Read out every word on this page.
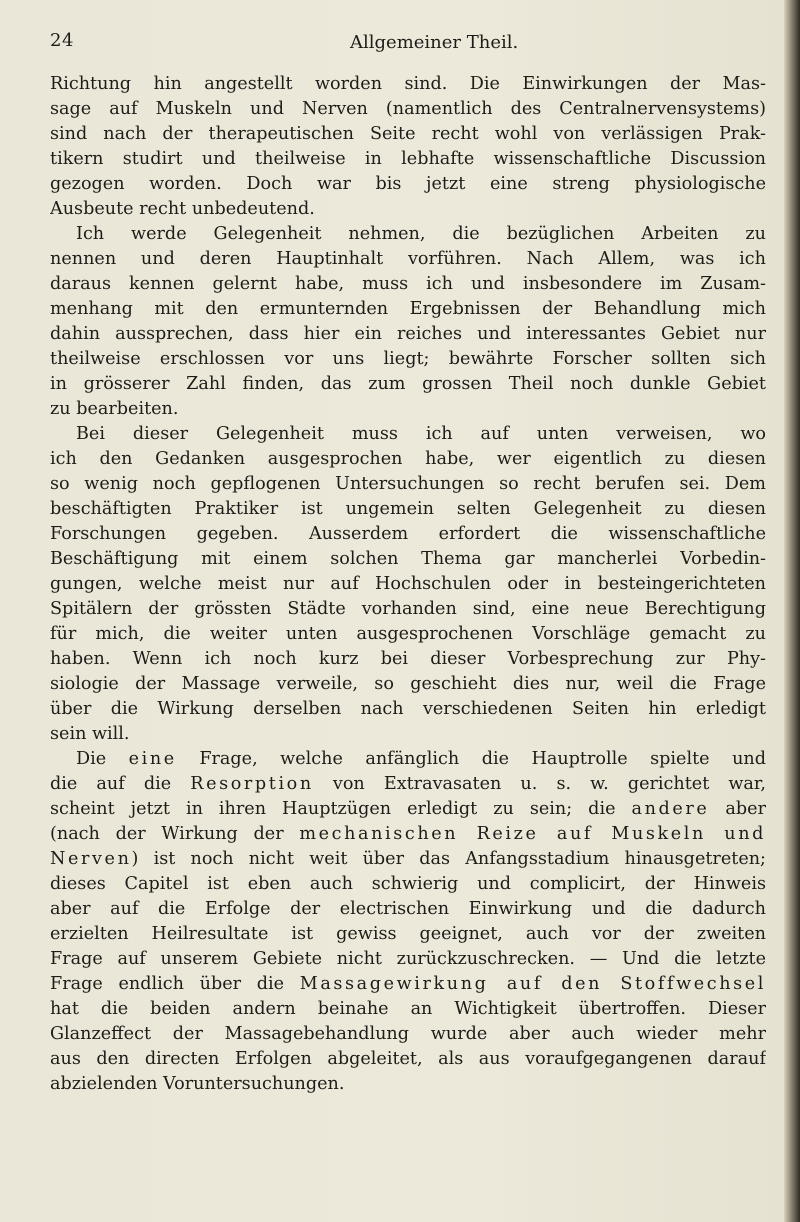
24	Allgemeiner Theil.
Richtung hin angestellt worden sind. Die Einwirkungen der Mas-
sage auf Muskeln und Nerven (namentlich des Centralnervensystems)
sind nach der therapeutischen Seite recht wohl von verlässigen Prak-
tikern studirt und theilweise in lebhafte wissenschaftliche Discussion
gezogen worden. Doch war bis jetzt eine streng physiologische
Ausbeute recht unbedeutend.
Ich werde Gelegenheit nehmen, die bezüglichen Arbeiten zu
nennen und deren Hauptinhalt vorführen. Nach Allem, was ich
daraus kennen gelernt habe, muss ich und insbesondere im Zusam-
menhang mit den ermunternden Ergebnissen der Behandlung mich
dahin aussprechen, dass hier ein reiches und interessantes Gebiet nur
theilweise erschlossen vor uns liegt; bewährte Forscher sollten sich
in grösserer Zahl finden, das zum grossen Theil noch dunkle Gebiet
zu bearbeiten.
Bei dieser Gelegenheit muss ich auf unten verweisen, wo
ich den Gedanken ausgesprochen habe, wer eigentlich zu diesen
so wenig noch gepflogenen Untersuchungen so recht berufen sei. Dem
beschäftigten Praktiker ist ungemein selten Gelegenheit zu diesen
Forschungen gegeben. Ausserdem erfordert die wissenschaftliche
Beschäftigung mit einem solchen Thema gar mancherlei Vorbedin-
gungen, welche meist nur auf Hochschulen oder in besteingerichteten
Spitälern der grössten Städte vorhanden sind, eine neue Berechtigung
für mich, die weiter unten ausgesprochenen Vorschläge gemacht zu
haben. Wenn ich noch kurz bei dieser Vorbesprechung zur Phy-
siologie der Massage verweile, so geschieht dies nur, weil die Frage
über die Wirkung derselben nach verschiedenen Seiten hin erledigt
sein will.
Die eine Frage, welche anfänglich die Hauptrolle spielte und
die auf die Resorption von Extravasaten u. s. w. gerichtet war,
scheint jetzt in ihren Hauptzügen erledigt zu sein; die andere aber
(nach der Wirkung der mechanischen Reize auf Muskeln und
Nerven) ist noch nicht weit über das Anfangsstadium hinausgetreten;
dieses Capitel ist eben auch schwierig und complicirt, der Hinweis
aber auf die Erfolge der electrischen Einwirkung und die dadurch
erzielten Heilresultate ist gewiss geeignet, auch vor der zweiten
Frage auf unserem Gebiete nicht zurückzuschrecken. — Und die letzte
Frage endlich über die Massagewirkung auf den Stoffwechsel
hat die beiden andern beinahe an Wichtigkeit übertroffen. Dieser
Glanzeffect der Massagebehandlung wurde aber auch wieder mehr
aus den directen Erfolgen abgeleitet, als aus voraufgegangenen darauf
abzielenden Voruntersuchungen.
